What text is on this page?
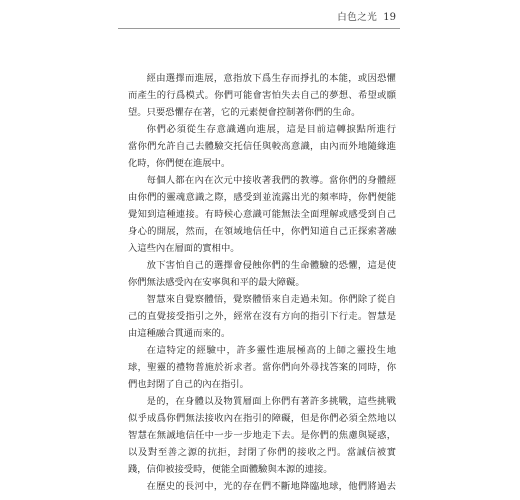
白色之光 19
經由選擇而進展，意指放下爲生存而掙扎的本能，或因恐懼
而產生的行爲模式。你們可能會害怕失去自己的夢想、希望或願
望。只要恐懼存在著，它的元素便會控制著你們的生命。
你們必須從生存意識邁向進展，這是目前這轉捩點所進行
當你們允許自己去體驗交托信任與較高意識，由內而外地隨緣進
化時，你們便在進展中。
每個人都在內在次元中接收著我們的教導。當你們的身體經
由你們的靈魂意識之際，感受到並流露出光的頻率時，你們便能
覺知到這種連接。有時候心意識可能無法全面理解或感受到自己
身心的開展，然而，在領域地信任中，你們知道自己正探索著融
入這些內在層面的實相中。
放下害怕自己的選擇會侵蝕你們的生命體驗的恐懼，這是使
你們無法感受內在安寧與和平的最大障礙。
智慧來自覺察體悟，覺察體悟來自走過未知。你們除了從自
己的直覺接受指引之外，經常在沒有方向的指引下行走。智慧是
由這種融合貫通而來的。
在這特定的經驗中，許多靈性進展極高的上師之靈投生地
球，聖靈的禮物普施於祈求者。當你們向外尋找答案的同時，你
們也封閉了自己的內在指引。
是的，在身體以及物質層面上你們有著許多挑戰，這些挑戰
似乎成爲你們無法接收內在指引的障礙，但是你們必須全然地以
智慧在無誠地信任中一步一步地走下去。是你們的焦慮與疑惑，
以及對至善之源的抗拒，封閉了你們的接收之門。當誠信被實
踐，信仰被接受時，便能全面體驗與本源的連接。
在歷史的長河中，光的存在們不斷地降臨地球，他們將過去
